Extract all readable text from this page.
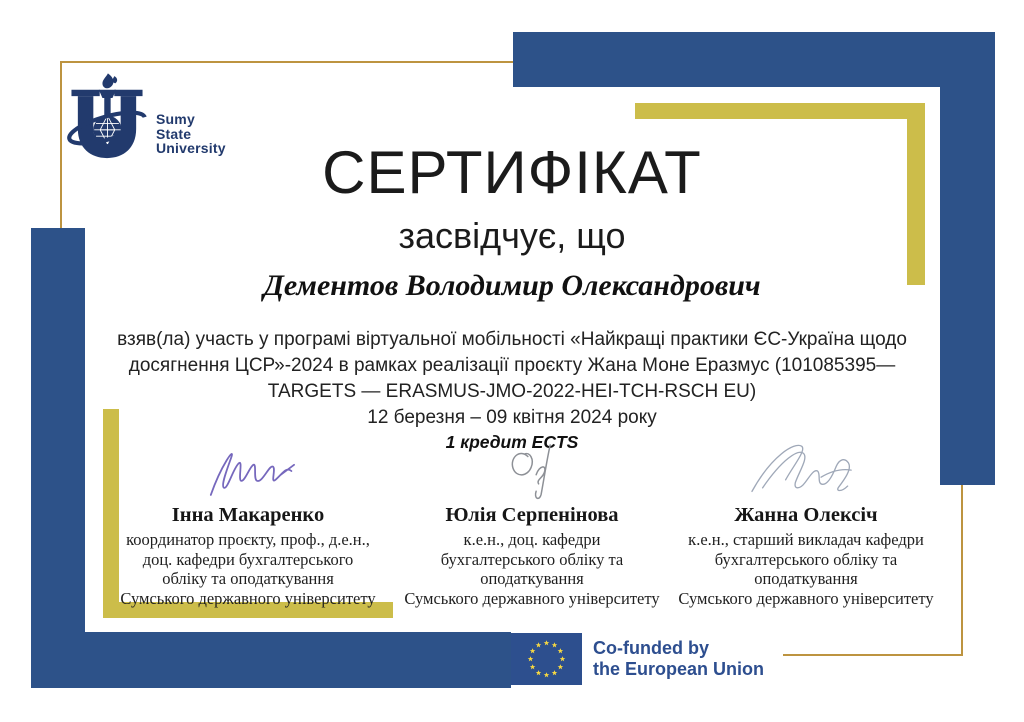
Sumy
State
University	СЕРТИФІКАТ
засвідчує, що
Дементов Володимир Олександрович
взяв(ла) участь у програмі віртуальної мобільності «Найкращі практики ЄС-Україна щодо
досягнення ЦСР»-2024 в рамках реалізації проєкту Жана Моне Еразмус (101085395—
TARGETS — ERASMUS-JMO-2022-HEI-TCH-RSCH EU)
12 березня – 09 квітня 2024 року
1 кредит ECTS
Інна Макаренко
координатор проєкту, проф., д.е.н.,
доц. кафедри бухгалтерського
обліку та оподаткування
Сумського державного університету
Юлія Серпенінова
к.е.н., доц. кафедри
бухгалтерського обліку та
оподаткування
Сумського державного університету
Жанна Олексіч
к.е.н., старший викладач кафедри
бухгалтерського обліку та
оподаткування
Сумського державного університету
Co-funded by
the European Union
